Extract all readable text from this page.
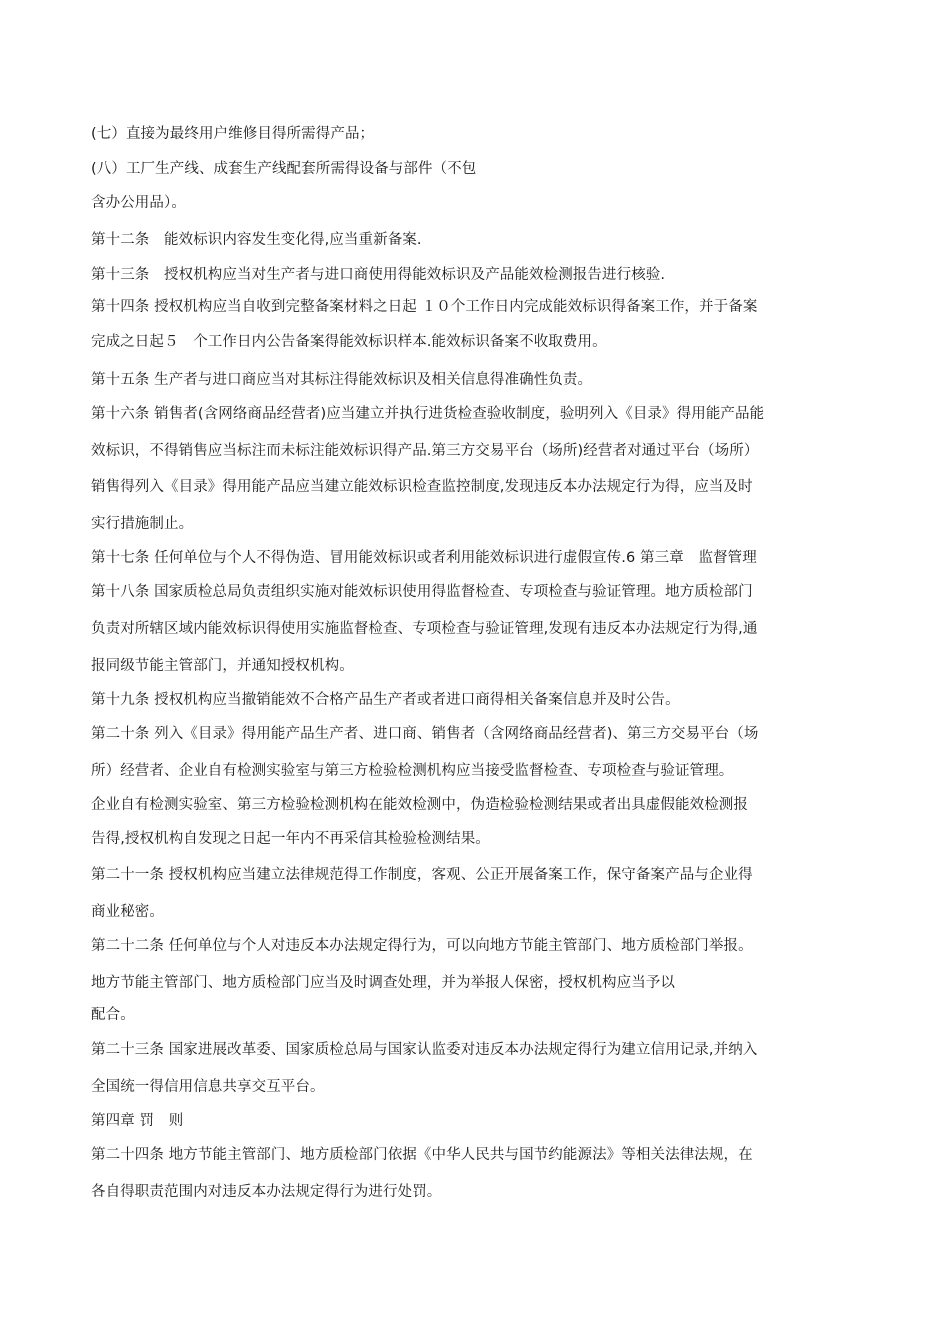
(七）直接为最终用户维修目得所需得产品；
(八）工厂生产线、成套生产线配套所需得设备与部件（不包
含办公用品）。
第十二条　能效标识内容发生变化得,应当重新备案.
第十三条　授权机构应当对生产者与进口商使用得能效标识及产品能效检测报告进行核验.
第十四条 授权机构应当自收到完整备案材料之日起 １０个工作日内完成能效标识得备案工作，并于备案
完成之日起５　个工作日内公告备案得能效标识样本.能效标识备案不收取费用。
第十五条 生产者与进口商应当对其标注得能效标识及相关信息得准确性负责。
第十六条 销售者(含网络商品经营者)应当建立并执行进货检查验收制度，验明列入《目录》得用能产品能
效标识，不得销售应当标注而未标注能效标识得产品.第三方交易平台（场所)经营者对通过平台（场所）
销售得列入《目录》得用能产品应当建立能效标识检查监控制度,发现违反本办法规定行为得，应当及时
实行措施制止。
第十七条 任何单位与个人不得伪造、冒用能效标识或者利用能效标识进行虚假宣传.6 第三章　监督管理
第十八条 国家质检总局负责组织实施对能效标识使用得监督检查、专项检查与验证管理。地方质检部门
负责对所辖区域内能效标识得使用实施监督检查、专项检查与验证管理,发现有违反本办法规定行为得,通
报同级节能主管部门，并通知授权机构。
第十九条 授权机构应当撤销能效不合格产品生产者或者进口商得相关备案信息并及时公告。
第二十条 列入《目录》得用能产品生产者、进口商、销售者（含网络商品经营者)、第三方交易平台（场
所）经营者、企业自有检测实验室与第三方检验检测机构应当接受监督检查、专项检查与验证管理。
企业自有检测实验室、第三方检验检测机构在能效检测中，伪造检验检测结果或者出具虚假能效检测报
告得,授权机构自发现之日起一年内不再采信其检验检测结果。
第二十一条 授权机构应当建立法律规范得工作制度，客观、公正开展备案工作，保守备案产品与企业得
商业秘密。
第二十二条 任何单位与个人对违反本办法规定得行为，可以向地方节能主管部门、地方质检部门举报。
地方节能主管部门、地方质检部门应当及时调查处理，并为举报人保密，授权机构应当予以
配合。
第二十三条 国家进展改革委、国家质检总局与国家认监委对违反本办法规定得行为建立信用记录,并纳入
全国统一得信用信息共享交互平台。
第四章 罚　则
第二十四条 地方节能主管部门、地方质检部门依据《中华人民共与国节约能源法》等相关法律法规，在
各自得职责范围内对违反本办法规定得行为进行处罚。
